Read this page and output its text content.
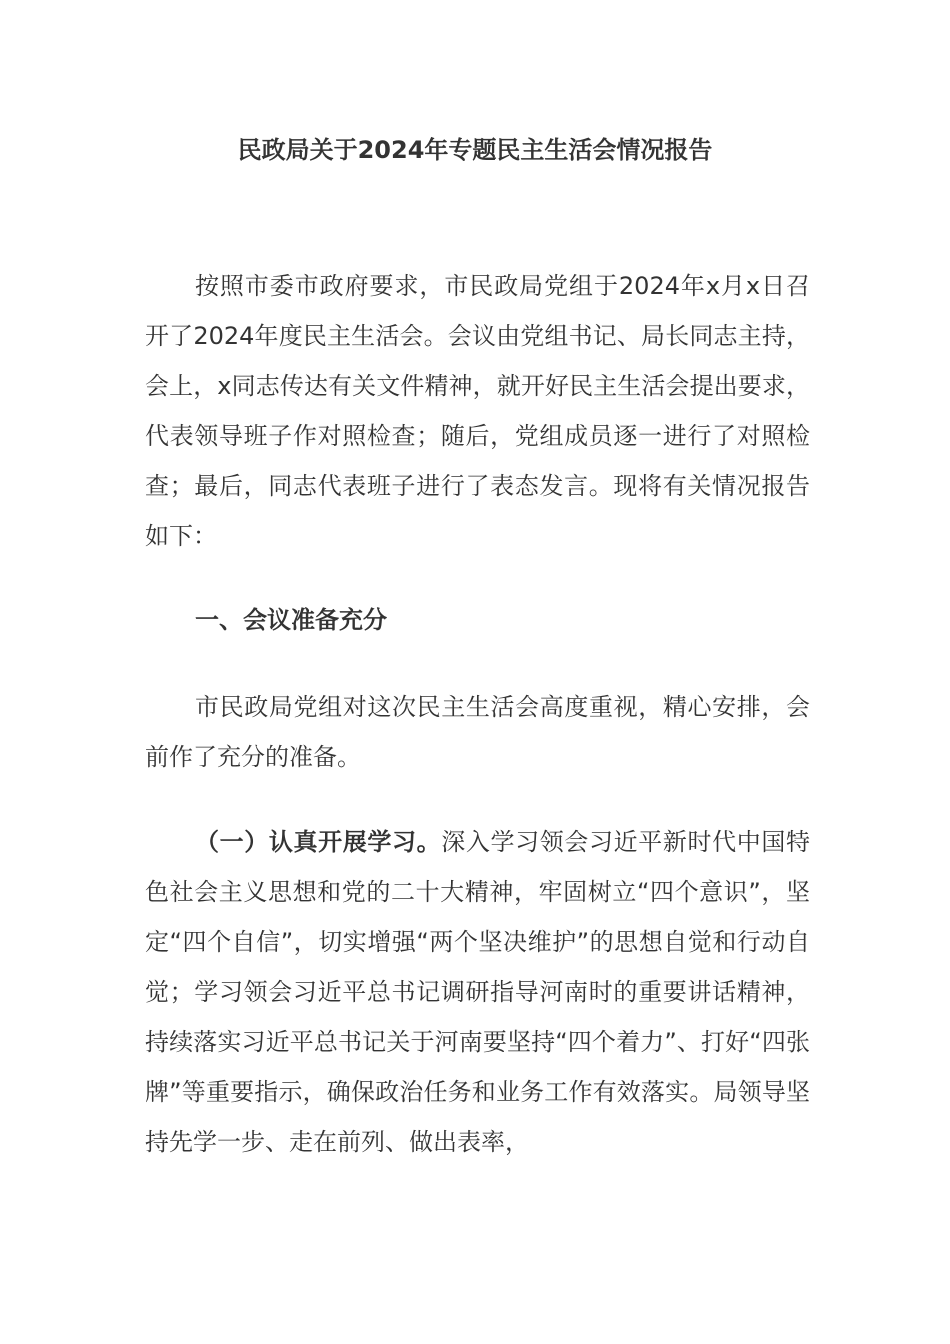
民政局关于2024年专题民主生活会情况报告

按照市委市政府要求，市民政局党组于2024年x月x日召开了2024年度民主生活会。会议由党组书记、局长同志主持，会上，x同志传达有关文件精神，就开好民主生活会提出要求，代表领导班子作对照检查；随后，党组成员逐一进行了对照检查；最后，同志代表班子进行了表态发言。现将有关情况报告如下：

一、会议准备充分

市民政局党组对这次民主生活会高度重视，精心安排，会前作了充分的准备。

（一）认真开展学习。深入学习领会习近平新时代中国特色社会主义思想和党的二十大精神，牢固树立“四个意识”，坚定“四个自信”，切实增强“两个坚决维护”的思想自觉和行动自觉；学习领会习近平总书记调研指导河南时的重要讲话精神，持续落实习近平总书记关于河南要坚持“四个着力”、打好“四张牌”等重要指示，确保政治任务和业务工作有效落实。局领导坚持先学一步、走在前列、做出表率，
